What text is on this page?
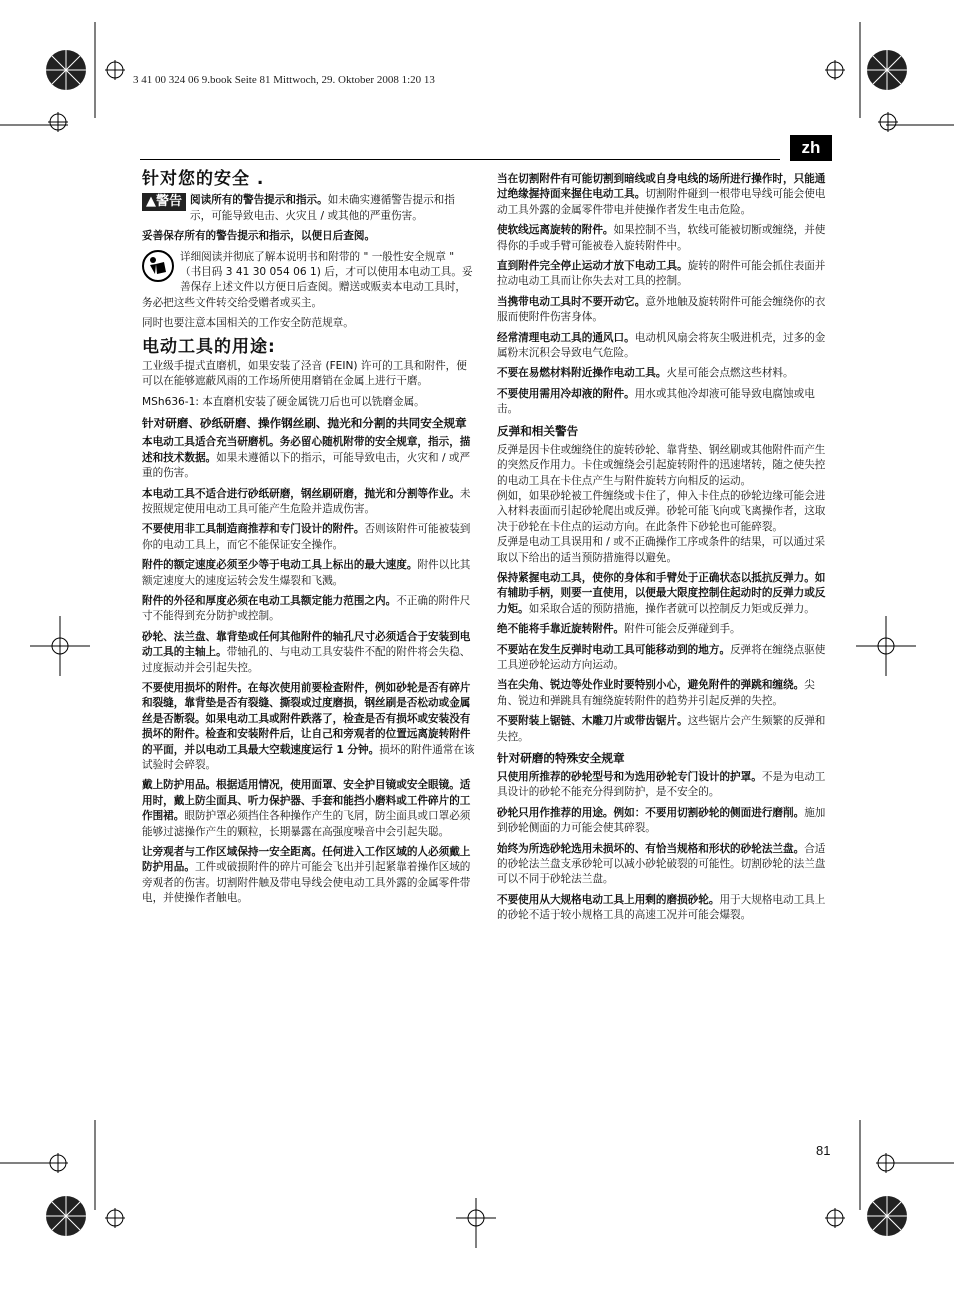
3 41 00 324 06 9.book Seite 81 Mittwoch, 29. Oktober 2008 1:20 13
zh
针对您的安全 .

▲警告 阅读所有的警告提示和指示。如未确实遵循警告提示和指示，可能导致电击、火灾且 / 或其他的严重伤害。

妥善保存所有的警告提示和指示，以便日后查阅。

详细阅读并彻底了解本说明书和附带的 " 一般性安全规章 " （书目码 3 41 30 054 06 1) 后，才可以使用本电动工具。妥善保存上述文件以方便日后查阅。赠送或贩卖本电动工具时，务必把这些文件转交给受赠者或买主。

同时也要注意本国相关的工作安全防范规章。

电动工具的用途:

工业级手提式直磨机，如果安装了泾音 (FEIN) 许可的工具和附件，便可以在能够遮蔽风雨的工作场所使用磨销在金属上进行干磨。

MSh636-1: 本直磨机安装了硬金属铣刀后也可以铣磨金属。

针对研磨、砂纸研磨、操作钢丝刷、抛光和分割的共同安全规章

本电动工具适合充当研磨机。务必留心随机附带的安全规章，指示，描述和技术数据。如果未遵循以下的指示，可能导致电击，火灾和 / 或严重的伤害。

本电动工具不适合进行砂纸研磨，钢丝刷研磨，抛光和分割等作业。未按照规定使用电动工具可能产生危险并造成伤害。

不要使用非工具制造商推荐和专门设计的附件。否则该附件可能被装到你的电动工具上，而它不能保证安全操作。

附件的额定速度必须至少等于电动工具上标出的最大速度。附件以比其额定速度大的速度运转会发生爆裂和飞溅。

附件的外径和厚度必须在电动工具额定能力范围之内。不正确的附件尺寸不能得到充分防护或控制。

砂轮、法兰盘、靠背垫或任何其他附件的轴孔尺寸必须适合于安装到电动工具的主轴上。带轴孔的、与电动工具安装件不配的附件将会失稳、过度振动并会引起失控。

不要使用损坏的附件。在每次使用前要检查附件，例如砂轮是否有碎片和裂缝，靠背垫是否有裂缝、撕裂或过度磨损，钢丝刷是否松动或金属丝是否断裂。如果电动工具或附件跌落了，检查是否有损坏或安装没有损坏的附件。检查和安装附件后，让自己和旁观者的位置远离旋转附件的平面，并以电动工具最大空载速度运行 1 分钟。损坏的附件通常在该试验时会碎裂。

戴上防护用品。根据适用情况，使用面罩、安全护目镜或安全眼镜。适用时，戴上防尘面具、听力保护器、手套和能挡小磨料或工件碎片的工作围裙。眼防护罩必须挡住各种操作产生的飞屑，防尘面具或口罩必须能够过滤操作产生的颗粒，长期暴露在高强度噪音中会引起失聪。

让旁观者与工作区域保持一安全距离。任何进入工作区域的人必须戴上防护用品。工件或破损附件的碎片可能会飞出并引起紧靠着操作区域的旁观者的伤害。切割附件触及带电导线会使电动工具外露的金属零件带电，并使操作者触电。

当在切割附件有可能切割到暗线或自身电线的场所进行操作时，只能通过绝缘握持面来握住电动工具。切割附件碰到一根带电导线可能会使电动工具外露的金属零件带电并使操作者发生电击危险。

使软线远离旋转的附件。如果控制不当，软线可能被切断或缠绕，并使得你的手或手臂可能被卷入旋转附件中。

直到附件完全停止运动才放下电动工具。旋转的附件可能会抓住表面并拉动电动工具而让你失去对工具的控制。

当携带电动工具时不要开动它。意外地触及旋转附件可能会缠绕你的衣服而使附件伤害身体。

经常清理电动工具的通风口。电动机风扇会将灰尘吸进机壳，过多的金属粉末沉积会导致电气危险。

不要在易燃材料附近操作电动工具。火星可能会点燃这些材料。

不要使用需用冷却液的附件。用水或其他冷却液可能导致电腐蚀或电击。

反弹和相关警告

反弹是因卡住或缠绕住的旋转砂轮、靠背垫、钢丝刷或其他附件而产生的突然反作用力。卡住或缠绕会引起旋转附件的迅速堵转，随之使失控的电动工具在卡住点产生与附件旋转方向相反的运动。

例如，如果砂轮被工件缠绕或卡住了，伸入卡住点的砂轮边缘可能会进入材料表面而引起砂轮爬出或反弹。砂轮可能飞向或飞离操作者，这取决于砂轮在卡住点的运动方向。在此条件下砂轮也可能碎裂。

反弹是电动工具误用和 / 或不正确操作工序或条件的结果，可以通过采取以下给出的适当预防措施得以避免。

保持紧握电动工具，使你的身体和手臂处于正确状态以抵抗反弹力。如有辅助手柄，则要一直使用，以便最大限度控制住起动时的反弹力或反力矩。如采取合适的预防措施，操作者就可以控制反力矩或反弹力。

绝不能将手靠近旋转附件。附件可能会反弹碰到手。

不要站在发生反弹时电动工具可能移动到的地方。反弹将在缠绕点驱使工具逆砂轮运动方向运动。

当在尖角、锐边等处作业时要特别小心，避免附件的弹跳和缠绕。尖角、锐边和弹跳具有缠绕旋转附件的趋势并引起反弹的失控。

不要附装上锯链、木雕刀片或带齿锯片。这些锯片会产生频繁的反弹和失控。

针对研磨的特殊安全规章

只使用所推荐的砂轮型号和为选用砂轮专门设计的护罩。不是为电动工具设计的砂轮不能充分得到防护，是不安全的。

砂轮只用作推荐的用途。例如：不要用切割砂轮的侧面进行磨削。施加到砂轮侧面的力可能会使其碎裂。

始终为所选砂轮选用未损坏的、有恰当规格和形状的砂轮法兰盘。合适的砂轮法兰盘支承砂轮可以减小砂轮破裂的可能性。切割砂轮的法兰盘可以不同于砂轮法兰盘。

不要使用从大规格电动工具上用剩的磨损砂轮。用于大规格电动工具上的砂轮不适于较小规格工具的高速工况并可能会爆裂。

81
